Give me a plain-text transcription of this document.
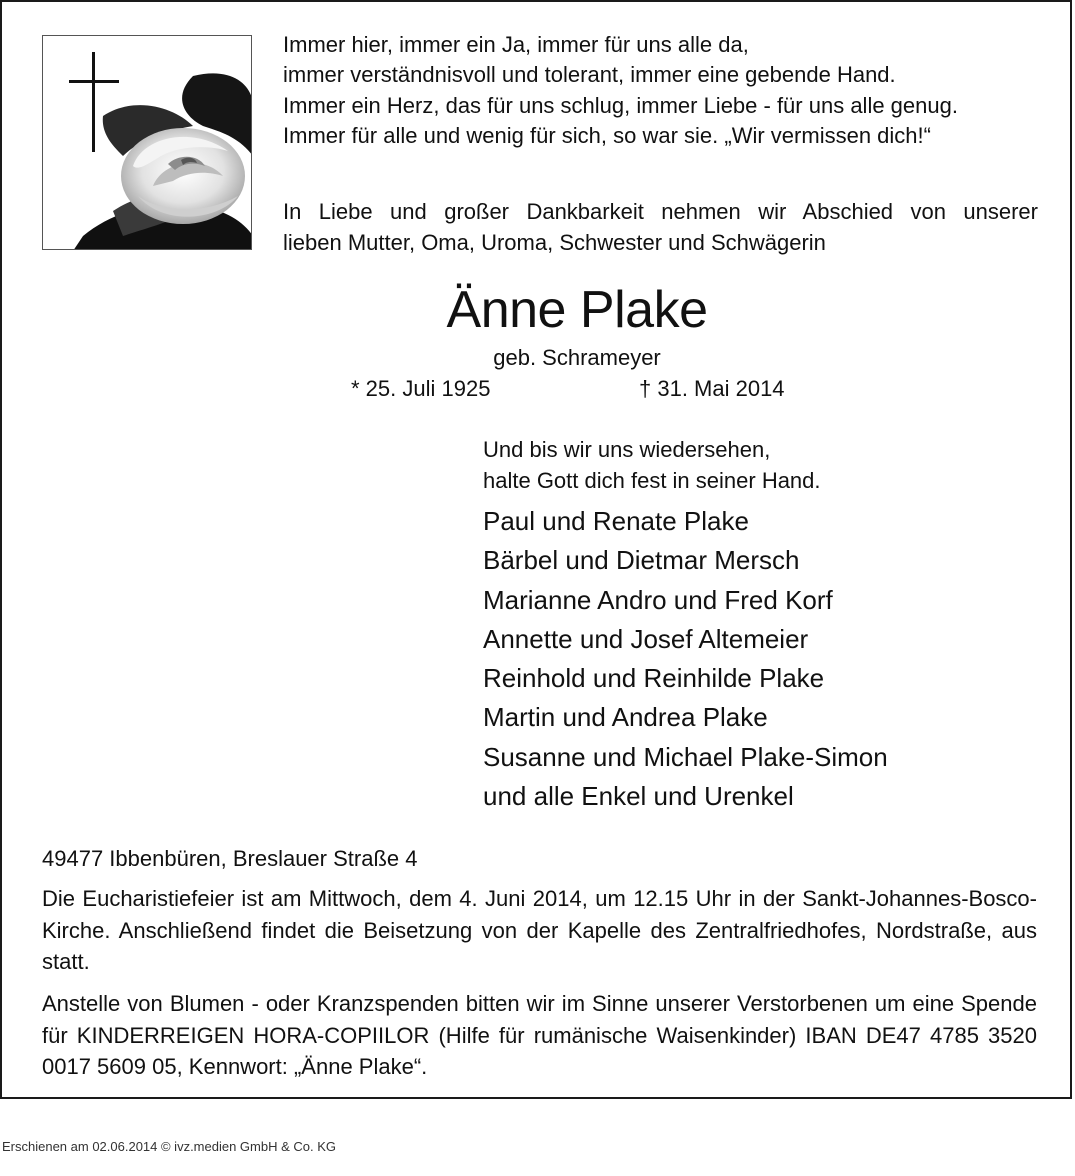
Immer hier, immer ein Ja, immer für uns alle da,
immer verständnisvoll und tolerant, immer eine gebende Hand.
Immer ein Herz, das für uns schlug, immer Liebe - für uns alle genug.
Immer für alle und wenig für sich, so war sie. „Wir vermissen dich!“
In Liebe und großer Dankbarkeit nehmen wir Abschied von unserer
lieben Mutter, Oma, Uroma, Schwester und Schwägerin
Änne Plake
geb. Schrameyer
* 25. Juli 1925	† 31. Mai 2014
Und bis wir uns wiedersehen,
halte Gott dich fest in seiner Hand.
Paul und Renate Plake
Bärbel und Dietmar Mersch
Marianne Andro und Fred Korf
Annette und Josef Altemeier
Reinhold und Reinhilde Plake
Martin und Andrea Plake
Susanne und Michael Plake-Simon
und alle Enkel und Urenkel
49477 Ibbenbüren, Breslauer Straße 4
Die Eucharistiefeier ist am Mittwoch, dem 4. Juni 2014, um 12.15 Uhr in der Sankt-Johannes-Bosco-Kirche. Anschließend findet die Beisetzung von der Kapelle des Zentralfriedhofes, Nordstraße, aus statt.
Anstelle von Blumen - oder Kranzspenden bitten wir im Sinne unserer Verstorbenen um eine Spende für KINDERREIGEN HORA-COPIILOR (Hilfe für rumänische Waisenkinder) IBAN DE47 4785 3520 0017 5609 05, Kennwort: „Änne Plake“.
Erschienen am 02.06.2014 © ivz.medien GmbH & Co. KG
